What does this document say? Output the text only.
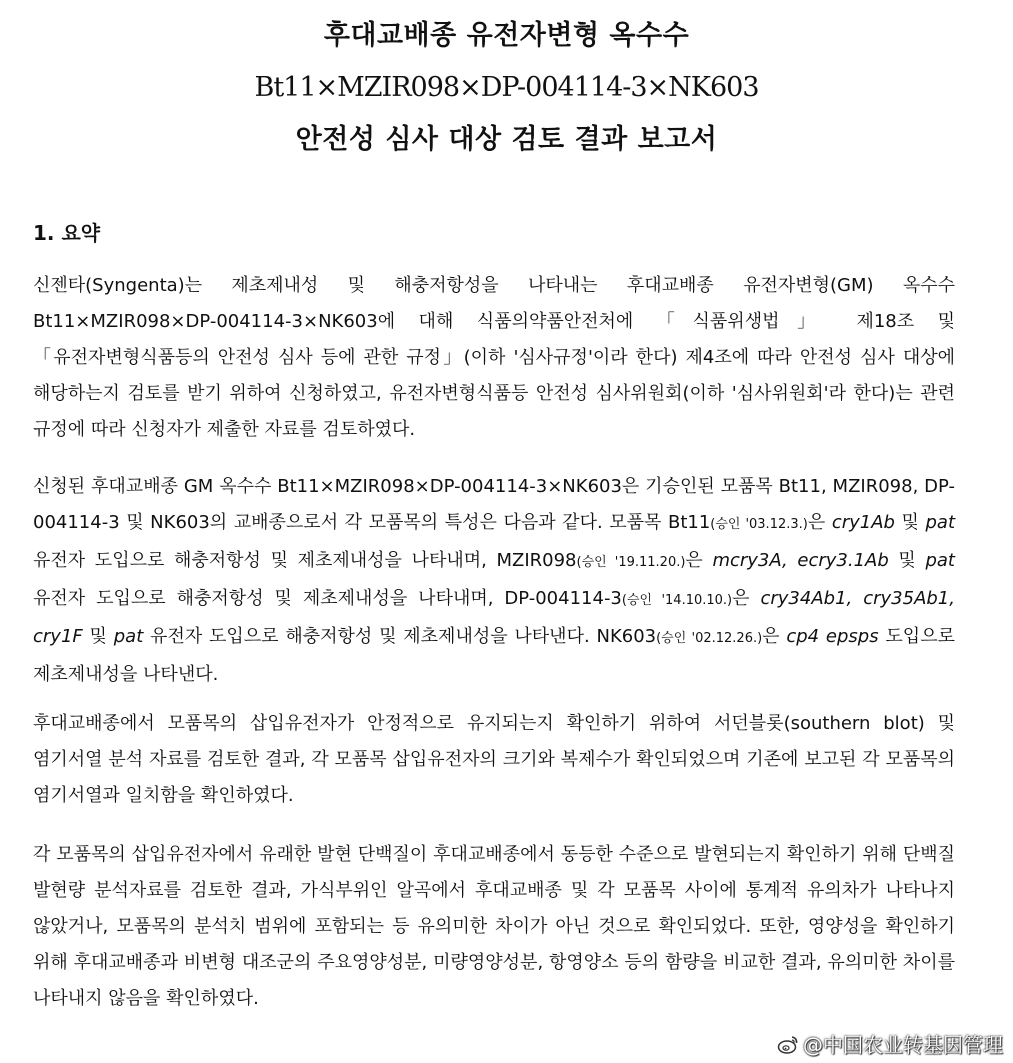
후대교배종 유전자변형 옥수수
Bt11×MZIR098×DP-004114-3×NK603
안전성 심사 대상 검토 결과 보고서
1. 요약
신젠타(Syngenta)는 제초제내성 및 해충저항성을 나타내는 후대교배종 유전자변형(GM) 옥수수 Bt11×MZIR098×DP-004114-3×NK603에 대해 식품의약품안전처에 「식품위생법」 제18조 및 「유전자변형식품등의 안전성 심사 등에 관한 규정」(이하 '심사규정'이라 한다) 제4조에 따라 안전성 심사 대상에 해당하는지 검토를 받기 위하여 신청하였고, 유전자변형식품등 안전성 심사위원회(이하 '심사위원회'라 한다)는 관련 규정에 따라 신청자가 제출한 자료를 검토하였다.
신청된 후대교배종 GM 옥수수 Bt11×MZIR098×DP-004114-3×NK603은 기승인된 모품목 Bt11, MZIR098, DP-004114-3 및 NK603의 교배종으로서 각 모품목의 특성은 다음과 같다. 모품목 Bt11(승인 '03.12.3.)은 cry1Ab 및 pat 유전자 도입으로 해충저항성 및 제초제내성을 나타내며, MZIR098(승인 '19.11.20.)은 mcry3A, ecry3.1Ab 및 pat 유전자 도입으로 해충저항성 및 제초제내성을 나타내며, DP-004114-3(승인 '14.10.10.)은 cry34Ab1, cry35Ab1, cry1F 및 pat 유전자 도입으로 해충저항성 및 제초제내성을 나타낸다. NK603(승인 '02.12.26.)은 cp4 epsps 도입으로 제초제내성을 나타낸다.
후대교배종에서 모품목의 삽입유전자가 안정적으로 유지되는지 확인하기 위하여 서던블롯(southern blot) 및 염기서열 분석 자료를 검토한 결과, 각 모품목 삽입유전자의 크기와 복제수가 확인되었으며 기존에 보고된 각 모품목의 염기서열과 일치함을 확인하였다.
각 모품목의 삽입유전자에서 유래한 발현 단백질이 후대교배종에서 동등한 수준으로 발현되는지 확인하기 위해 단백질 발현량 분석자료를 검토한 결과, 가식부위인 알곡에서 후대교배종 및 각 모품목 사이에 통계적 유의차가 나타나지 않았거나, 모품목의 분석치 범위에 포함되는 등 유의미한 차이가 아닌 것으로 확인되었다. 또한, 영양성을 확인하기 위해 후대교배종과 비변형 대조군의 주요영양성분, 미량영양성분, 항영양소 등의 함량을 비교한 결과, 유의미한 차이를 나타내지 않음을 확인하였다.
@中国农业转基因管理
